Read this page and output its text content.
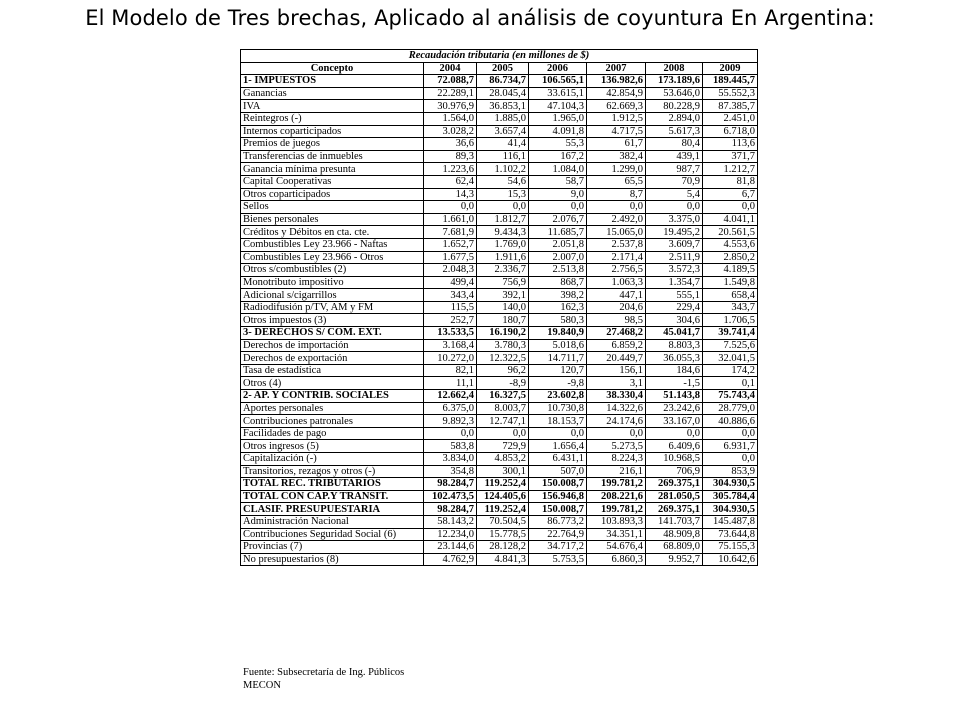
El Modelo de Tres brechas, Aplicado al análisis de coyuntura En Argentina:
Recaudación tributaria (en millones de $)						
Concepto	2004	2005	2006	2007	2008	2009
1- IMPUESTOS	72.088,7	86.734,7	106.565,1	136.982,6	173.189,6	189.445,7
Ganancias	22.289,1	28.045,4	33.615,1	42.854,9	53.646,0	55.552,3
IVA	30.976,9	36.853,1	47.104,3	62.669,3	80.228,9	87.385,7
Reintegros (-)	1.564,0	1.885,0	1.965,0	1.912,5	2.894,0	2.451,0
Internos coparticipados	3.028,2	3.657,4	4.091,8	4.717,5	5.617,3	6.718,0
Premios de juegos	36,6	41,4	55,3	61,7	80,4	113,6
Transferencias de inmuebles	89,3	116,1	167,2	382,4	439,1	371,7
Ganancia mínima presunta	1.223,6	1.102,2	1.084,0	1.299,0	987,7	1.212,7
Capital Cooperativas	62,4	54,6	58,7	65,5	70,9	81,8
Otros coparticipados	14,3	15,3	9,0	8,7	5,4	6,7
Sellos	0,0	0,0	0,0	0,0	0,0	0,0
Bienes personales	1.661,0	1.812,7	2.076,7	2.492,0	3.375,0	4.041,1
Créditos y Débitos en cta. cte.	7.681,9	9.434,3	11.685,7	15.065,0	19.495,2	20.561,5
Combustibles Ley 23.966 - Naftas	1.652,7	1.769,0	2.051,8	2.537,8	3.609,7	4.553,6
Combustibles Ley 23.966 - Otros	1.677,5	1.911,6	2.007,0	2.171,4	2.511,9	2.850,2
Otros s/combustibles (2)	2.048,3	2.336,7	2.513,8	2.756,5	3.572,3	4.189,5
Monotributo impositivo	499,4	756,9	868,7	1.063,3	1.354,7	1.549,8
Adicional s/cigarrillos	343,4	392,1	398,2	447,1	555,1	658,4
Radiodifusión p/TV, AM y FM	115,5	140,0	162,3	204,6	229,4	343,7
Otros impuestos (3)	252,7	180,7	580,3	98,5	304,6	1.706,5
3- DERECHOS S/ COM. EXT.	13.533,5	16.190,2	19.840,9	27.468,2	45.041,7	39.741,4
Derechos de importación	3.168,4	3.780,3	5.018,6	6.859,2	8.803,3	7.525,6
Derechos de exportación	10.272,0	12.322,5	14.711,7	20.449,7	36.055,3	32.041,5
Tasa de estadística	82,1	96,2	120,7	156,1	184,6	174,2
Otros (4)	11,1	-8,9	-9,8	3,1	-1,5	0,1
2- AP. Y CONTRIB. SOCIALES	12.662,4	16.327,5	23.602,8	38.330,4	51.143,8	75.743,4
Aportes personales	6.375,0	8.003,7	10.730,8	14.322,6	23.242,6	28.779,0
Contribuciones patronales	9.892,3	12.747,1	18.153,7	24.174,6	33.167,0	40.886,6
Facilidades de pago	0,0	0,0	0,0	0,0	0,0	0,0
Otros ingresos (5)	583,8	729,9	1.656,4	5.273,5	6.409,6	6.931,7
Capitalización (-)	3.834,0	4.853,2	6.431,1	8.224,3	10.968,5	0,0
Transitorios, rezagos y otros (-)	354,8	300,1	507,0	216,1	706,9	853,9
TOTAL REC. TRIBUTARIOS	98.284,7	119.252,4	150.008,7	199.781,2	269.375,1	304.930,5
TOTAL CON CAP.Y TRANSIT.	102.473,5	124.405,6	156.946,8	208.221,6	281.050,5	305.784,4
CLASIF. PRESUPUESTARIA	98.284,7	119.252,4	150.008,7	199.781,2	269.375,1	304.930,5
Administración Nacional	58.143,2	70.504,5	86.773,2	103.893,3	141.703,7	145.487,8
Contribuciones Seguridad Social (6)	12.234,0	15.778,5	22.764,9	34.351,1	48.909,8	73.644,8
Provincias (7)	23.144,6	28.128,2	34.717,2	54.676,4	68.809,0	75.155,3
No presupuestarios (8)	4.762,9	4.841,3	5.753,5	6.860,3	9.952,7	10.642,6
Fuente: Subsecretaría de Ing. Públicos
MECON
